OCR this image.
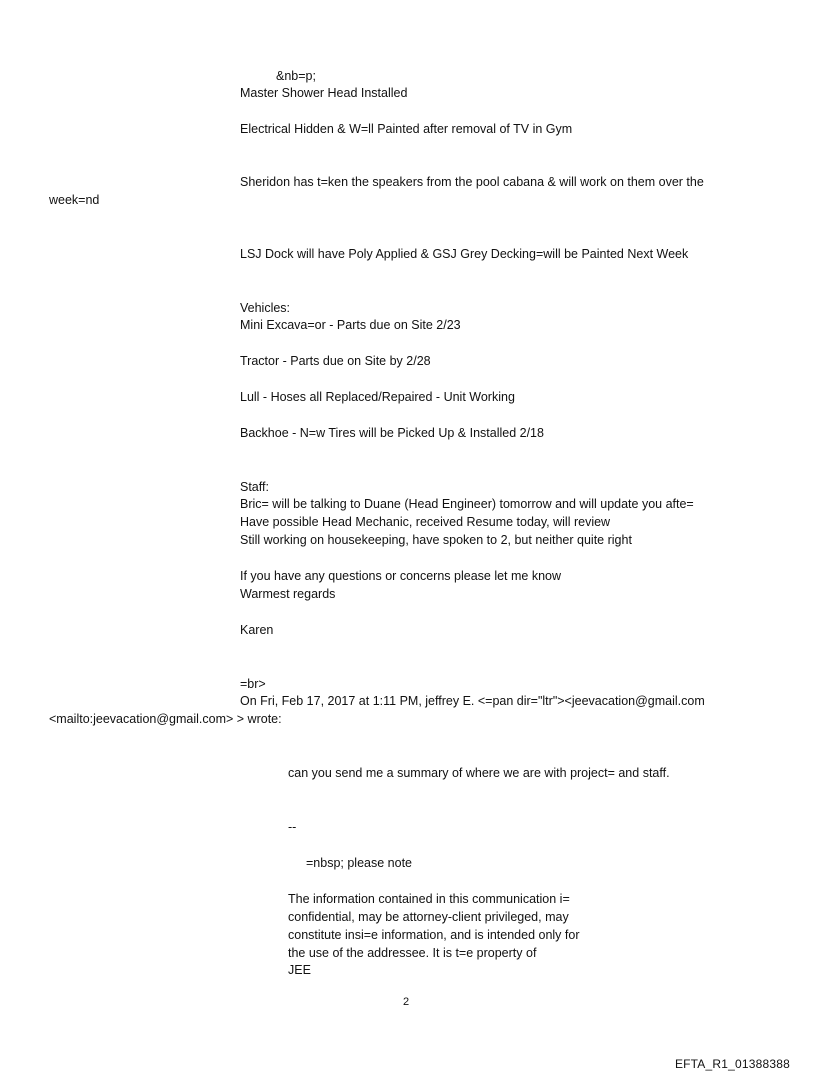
&nb=p;
Master Shower Head Installed
Electrical Hidden & W=ll Painted after removal of TV in Gym
Sheridon has t=ken the speakers from the pool cabana & will work on them over the
week=nd
LSJ Dock will have Poly Applied & GSJ Grey Decking=will be Painted Next Week
Vehicles:
Mini Excava=or - Parts due on Site 2/23
Tractor - Parts due on Site by 2/28
Lull - Hoses all Replaced/Repaired - Unit Working
Backhoe - N=w Tires will be Picked Up & Installed 2/18
Staff:
Bric= will be talking to Duane (Head Engineer) tomorrow and will update you afte=
Have possible Head Mechanic, received Resume today, will review
Still working on housekeeping, have spoken to 2, but neither quite right
If you have any questions or concerns please let me know
Warmest regards
Karen
=br>
On Fri, Feb 17, 2017 at 1:11 PM, jeffrey E. <=pan dir="ltr"><jeevacation@gmail.com
<mailto:jeevacation@gmail.com> > wrote:
can you send me a summary of where we are with project= and staff.
--
=nbsp; please note
The information contained in this communication i=
confidential, may be attorney-client privileged, may
constitute insi=e information, and is intended only for
the use of the addressee. It is t=e property of
JEE
2
EFTA_R1_01388388
